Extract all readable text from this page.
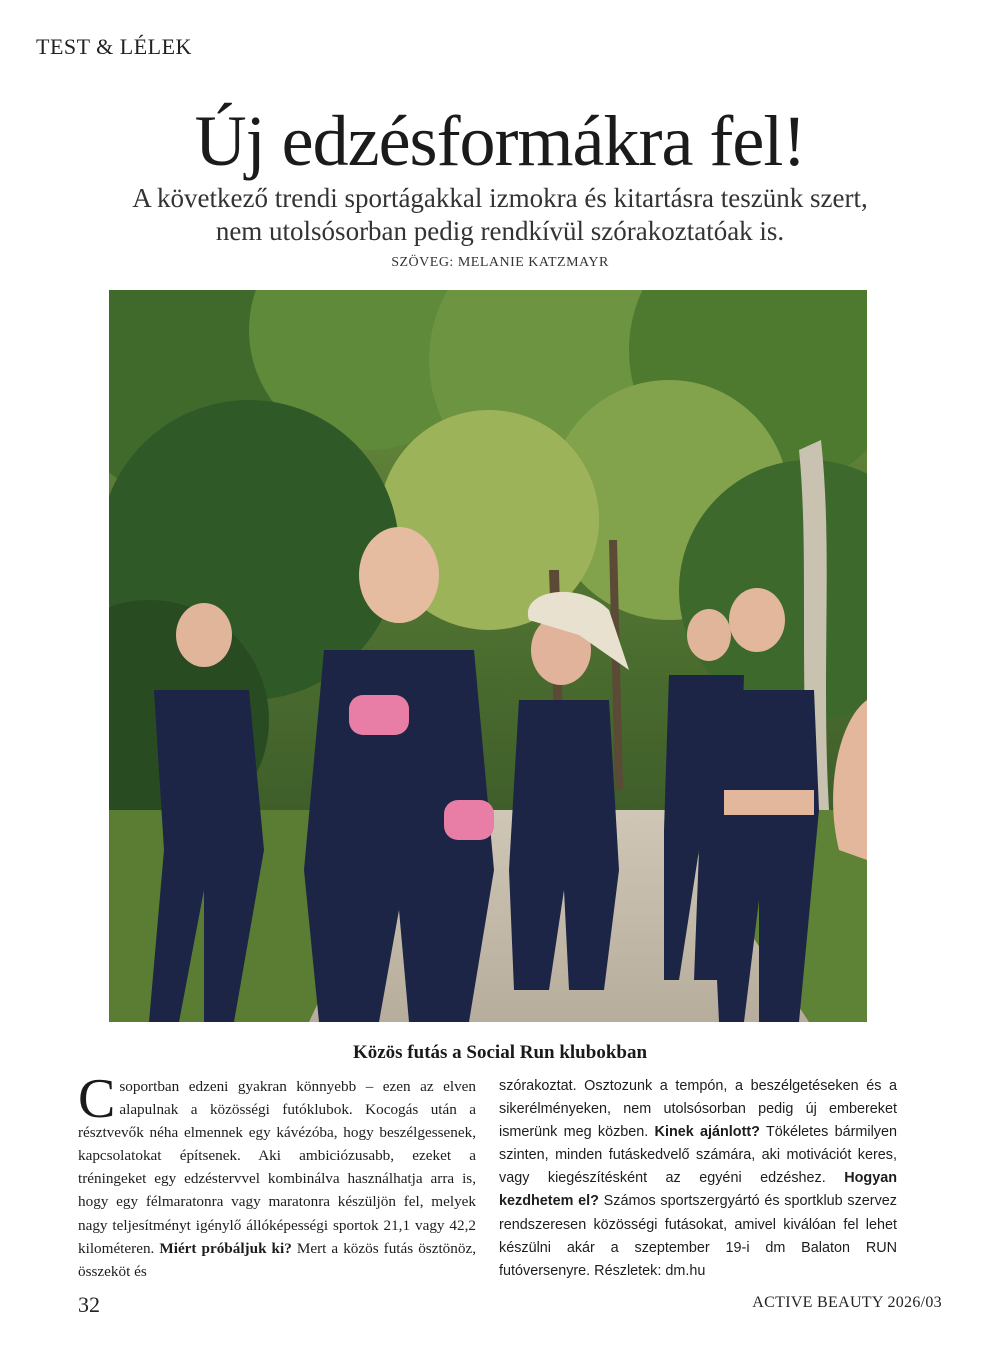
TEST & LÉLEK
Új edzésformákra fel!
A következő trendi sportágakkal izmokra és kitartásra teszünk szert,
nem utolsósorban pedig rendkívül szórakoztatóak is.
SZÖVEG: MELANIE KATZMAYR
Közös futás a Social Run klubokban
Csoportban edzeni gyakran könnyebb – ezen az elven alapulnak a közösségi futóklubok. Kocogás után a résztvevők néha elmennek egy kávézóba, hogy beszélgessenek, kapcsolatokat építsenek. Aki ambiciózusabb, ezeket a tréningeket egy edzéstervvel kombinálva használhatja arra is, hogy egy félmaratonra vagy maratonra készüljön fel, melyek nagy teljesítményt igénylő állóképességi sportok 21,1 vagy 42,2 kilométeren. Miért próbáljuk ki? Mert a közös futás ösztönöz, összeköt és
szórakoztat. Osztozunk a tempón, a beszélgetéseken és a sikerélményeken, nem utolsósorban pedig új embereket ismerünk meg közben. Kinek ajánlott? Tökéletes bármilyen szinten, minden futáskedvelő számára, aki motivációt keres, vagy kiegészítésként az egyéni edzéshez. Hogyan kezdhetem el? Számos sportszergyártó és sportklub szervez rendszeresen közösségi futásokat, amivel kiválóan fel lehet készülni akár a szeptember 19-i dm Balaton RUN futóversenyre. Részletek: dm.hu
32	ACTIVE BEAUTY 2026/03
